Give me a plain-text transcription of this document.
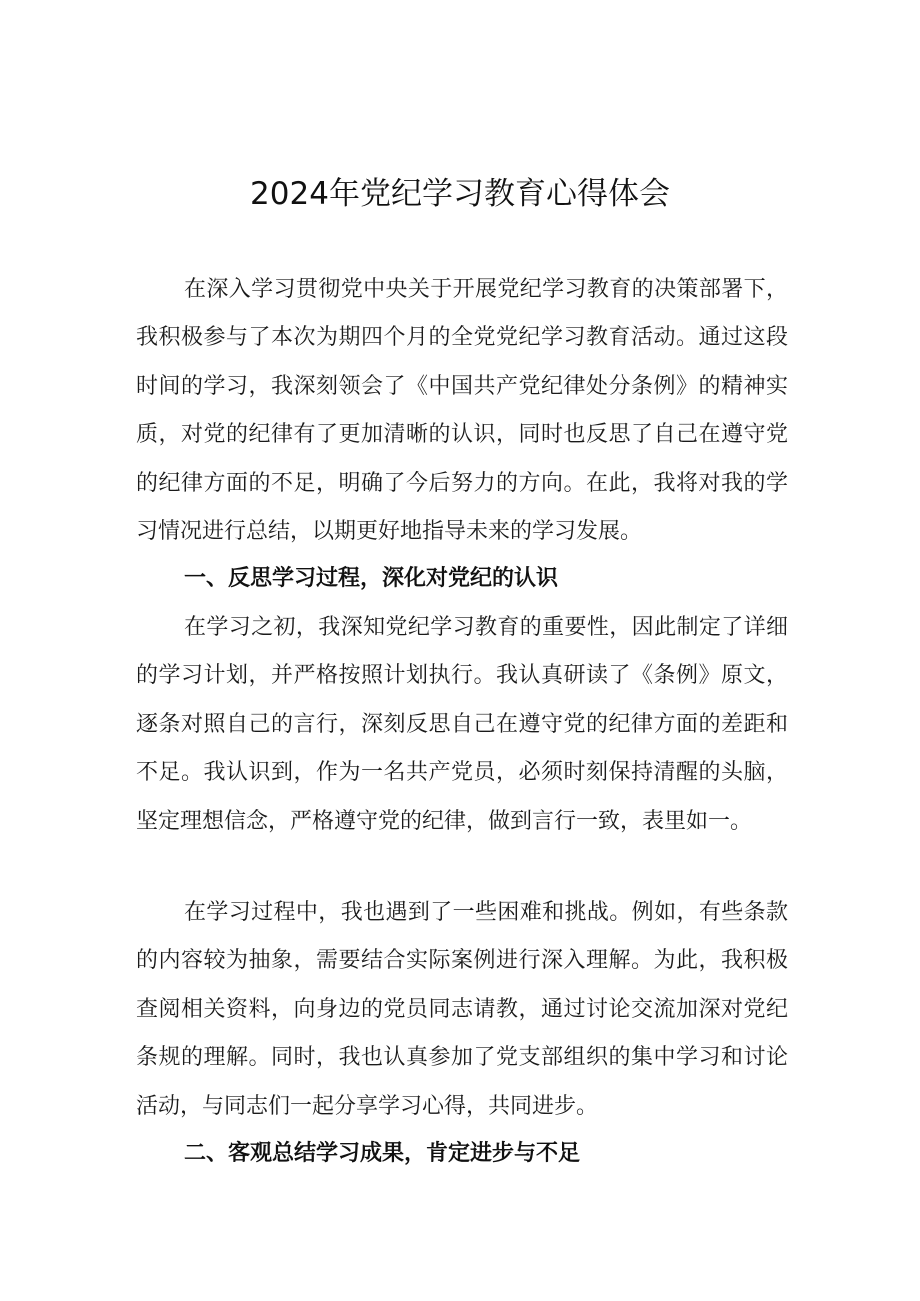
2024年党纪学习教育心得体会

在深入学习贯彻党中央关于开展党纪学习教育的决策部署下，我积极参与了本次为期四个月的全党党纪学习教育活动。通过这段时间的学习，我深刻领会了《中国共产党纪律处分条例》的精神实质，对党的纪律有了更加清晰的认识，同时也反思了自己在遵守党的纪律方面的不足，明确了今后努力的方向。在此，我将对我的学习情况进行总结，以期更好地指导未来的学习发展。

一、反思学习过程，深化对党纪的认识

在学习之初，我深知党纪学习教育的重要性，因此制定了详细的学习计划，并严格按照计划执行。我认真研读了《条例》原文，逐条对照自己的言行，深刻反思自己在遵守党的纪律方面的差距和不足。我认识到，作为一名共产党员，必须时刻保持清醒的头脑，坚定理想信念，严格遵守党的纪律，做到言行一致，表里如一。

在学习过程中，我也遇到了一些困难和挑战。例如，有些条款的内容较为抽象，需要结合实际案例进行深入理解。为此，我积极查阅相关资料，向身边的党员同志请教，通过讨论交流加深对党纪条规的理解。同时，我也认真参加了党支部组织的集中学习和讨论活动，与同志们一起分享学习心得，共同进步。

二、客观总结学习成果，肯定进步与不足
